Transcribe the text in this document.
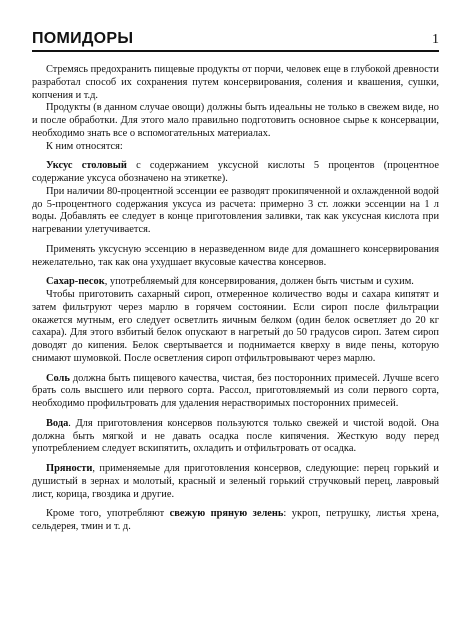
ПОМИДОРЫ	1

Стремясь предохранить пищевые продукты от порчи, человек еще в глубокой древности разработал способ их сохранения путем консервирования, соления и квашения, сушки, копчения и т.д.

Продукты (в данном случае овощи) должны быть идеальны не только в свежем виде, но и после обработки. Для этого мало правильно подготовить основное сырье к консервации, необходимо знать все о вспомогательных материалах.

К ним относятся:

Уксус столовый с содержанием уксусной кислоты 5 процентов (процентное содержание уксуса обозначено на этикетке).

При наличии 80-процентной эссенции ее разводят прокипяченной и охлажденной водой до 5-процентного содержания уксуса из расчета: примерно 3 ст. ложки эссенции на 1 л воды. Добавлять ее следует в конце приготовления заливки, так как уксусная кислота при нагревании улетучивается.

Применять уксусную эссенцию в неразведенном виде для домашнего консервирования нежелательно, так как она ухудшает вкусовые качества консервов.

Сахар-песок, употребляемый для консервирования, должен быть чистым и сухим.

Чтобы приготовить сахарный сироп, отмеренное количество воды и сахара кипятят и затем фильтруют через марлю в горячем состоянии. Если сироп после фильтрации окажется мутным, его следует осветлить яичным белком (один белок осветляет до 20 кг сахара). Для этого взбитый белок опускают в нагретый до 50 градусов сироп. Затем сироп доводят до кипения. Белок свертывается и поднимается кверху в виде пены, которую снимают шумовкой. После осветления сироп отфильтровывают через марлю.

Соль должна быть пищевого качества, чистая, без посторонних примесей. Лучше всего брать соль высшего или первого сорта. Рассол, приготовляемый из соли первого сорта, необходимо профильтровать для удаления нерастворимых посторонних примесей.

Вода. Для приготовления консервов пользуются только свежей и чистой водой. Она должна быть мягкой и не давать осадка после кипячения. Жесткую воду перед употреблением следует вскипятить, охладить и отфильтровать от осадка.

Пряности, применяемые для приготовления консервов, следующие: перец горький и душистый в зернах и молотый, красный и зеленый горький стручковый перец, лавровый лист, корица, гвоздика и другие.

Кроме того, употребляют свежую пряную зелень: укроп, петрушку, листья хрена, сельдерея, тмин и т. д.
